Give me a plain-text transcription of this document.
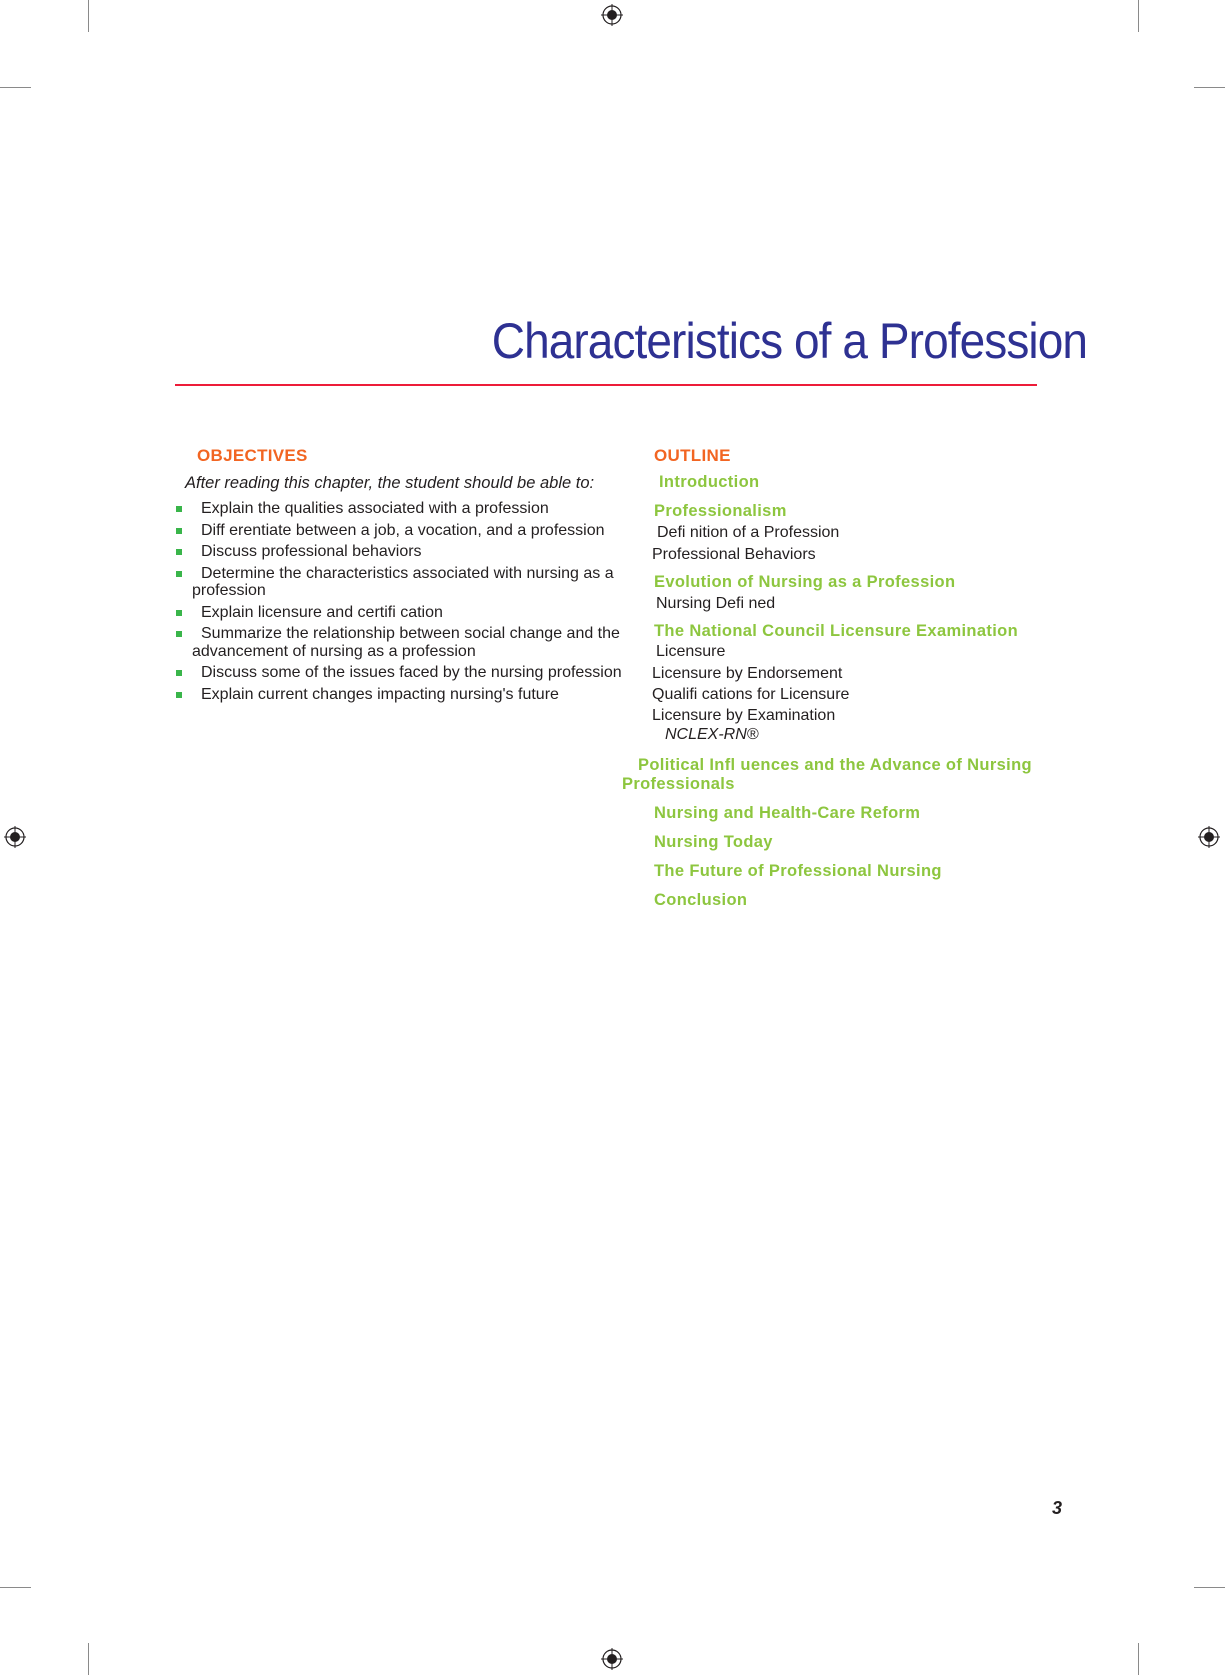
Characteristics of a Profession
OBJECTIVES

After reading this chapter, the student should be able to:

Explain the qualities associated with a profession
Diff erentiate between a job, a vocation, and a profession
Discuss professional behaviors
Determine the characteristics associated with nursing as a profession
Explain licensure and certifi cation
Summarize the relationship between social change and the advancement of nursing as a profession
Discuss some of the issues faced by the nursing profession
Explain current changes impacting nursing's future
OUTLINE

Introduction

Professionalism

Defi nition of a Profession

Professional Behaviors

Evolution of Nursing as a Profession

Nursing Defi ned

The National Council Licensure Examination

Licensure

Licensure by Endorsement

Qualifi cations for Licensure

Licensure by Examination

NCLEX-RN®

Political Infl uences and the Advance of Nursing Professionals

Nursing and Health-Care Reform

Nursing Today

The Future of Professional Nursing

Conclusion

3
